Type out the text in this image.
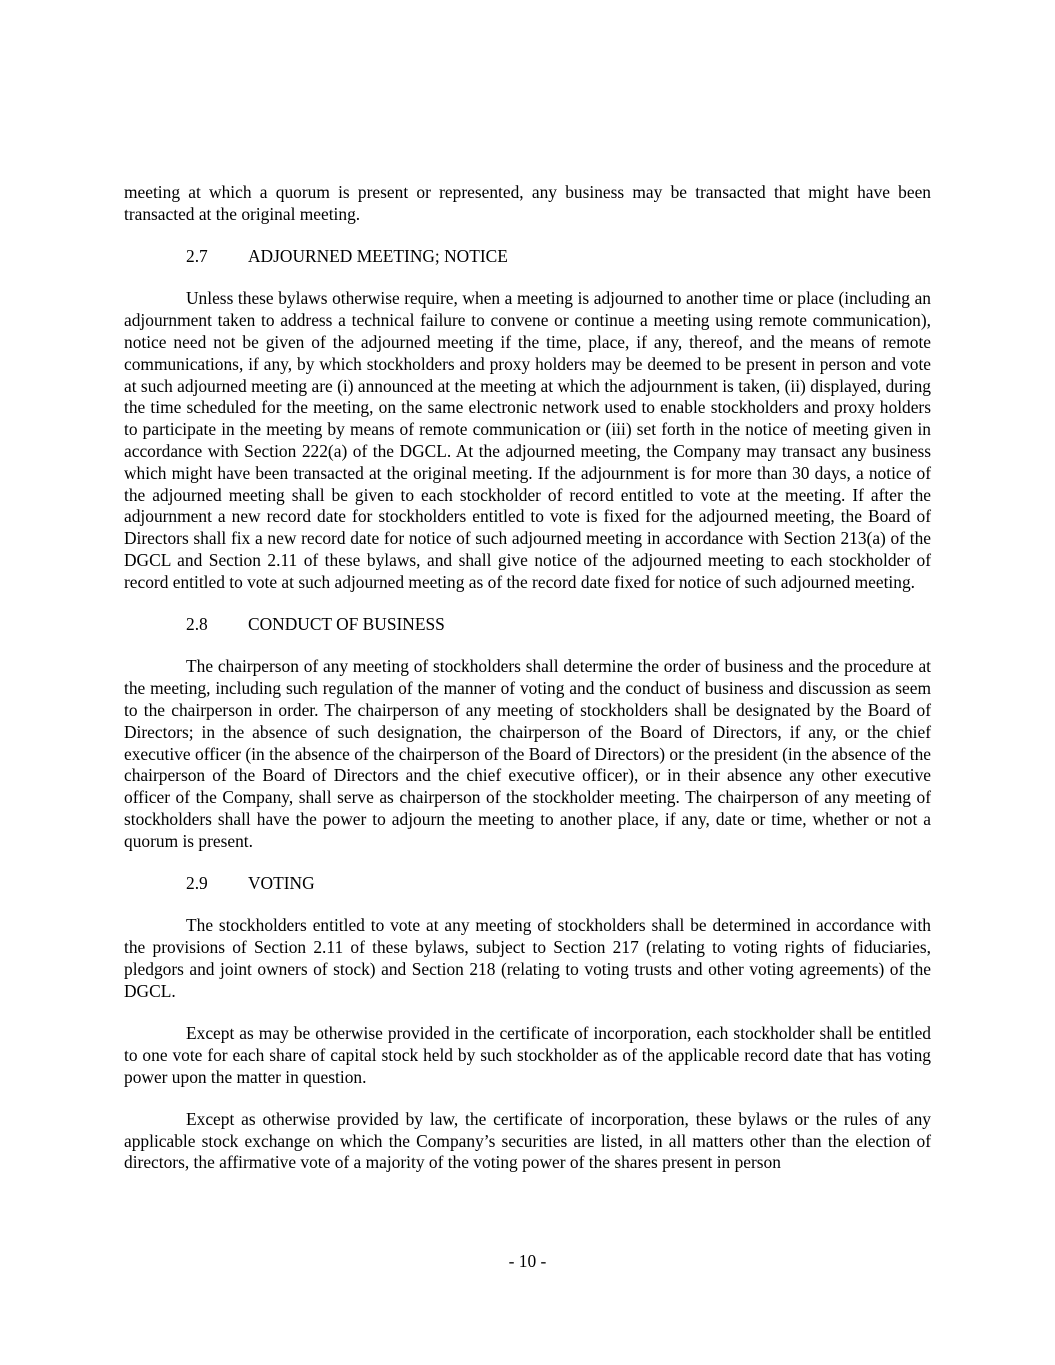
meeting at which a quorum is present or represented, any business may be transacted that might have been transacted at the original meeting.

2.7 ADJOURNED MEETING; NOTICE

Unless these bylaws otherwise require, when a meeting is adjourned to another time or place (including an adjournment taken to address a technical failure to convene or continue a meeting using remote communication), notice need not be given of the adjourned meeting if the time, place, if any, thereof, and the means of remote communications, if any, by which stockholders and proxy holders may be deemed to be present in person and vote at such adjourned meeting are (i) announced at the meeting at which the adjournment is taken, (ii) displayed, during the time scheduled for the meeting, on the same electronic network used to enable stockholders and proxy holders to participate in the meeting by means of remote communication or (iii) set forth in the notice of meeting given in accordance with Section 222(a) of the DGCL. At the adjourned meeting, the Company may transact any business which might have been transacted at the original meeting. If the adjournment is for more than 30 days, a notice of the adjourned meeting shall be given to each stockholder of record entitled to vote at the meeting. If after the adjournment a new record date for stockholders entitled to vote is fixed for the adjourned meeting, the Board of Directors shall fix a new record date for notice of such adjourned meeting in accordance with Section 213(a) of the DGCL and Section 2.11 of these bylaws, and shall give notice of the adjourned meeting to each stockholder of record entitled to vote at such adjourned meeting as of the record date fixed for notice of such adjourned meeting.

2.8 CONDUCT OF BUSINESS

The chairperson of any meeting of stockholders shall determine the order of business and the procedure at the meeting, including such regulation of the manner of voting and the conduct of business and discussion as seem to the chairperson in order. The chairperson of any meeting of stockholders shall be designated by the Board of Directors; in the absence of such designation, the chairperson of the Board of Directors, if any, or the chief executive officer (in the absence of the chairperson of the Board of Directors) or the president (in the absence of the chairperson of the Board of Directors and the chief executive officer), or in their absence any other executive officer of the Company, shall serve as chairperson of the stockholder meeting. The chairperson of any meeting of stockholders shall have the power to adjourn the meeting to another place, if any, date or time, whether or not a quorum is present.

2.9 VOTING

The stockholders entitled to vote at any meeting of stockholders shall be determined in accordance with the provisions of Section 2.11 of these bylaws, subject to Section 217 (relating to voting rights of fiduciaries, pledgors and joint owners of stock) and Section 218 (relating to voting trusts and other voting agreements) of the DGCL.

Except as may be otherwise provided in the certificate of incorporation, each stockholder shall be entitled to one vote for each share of capital stock held by such stockholder as of the applicable record date that has voting power upon the matter in question.

Except as otherwise provided by law, the certificate of incorporation, these bylaws or the rules of any applicable stock exchange on which the Company’s securities are listed, in all matters other than the election of directors, the affirmative vote of a majority of the voting power of the shares present in person

- 10 -
